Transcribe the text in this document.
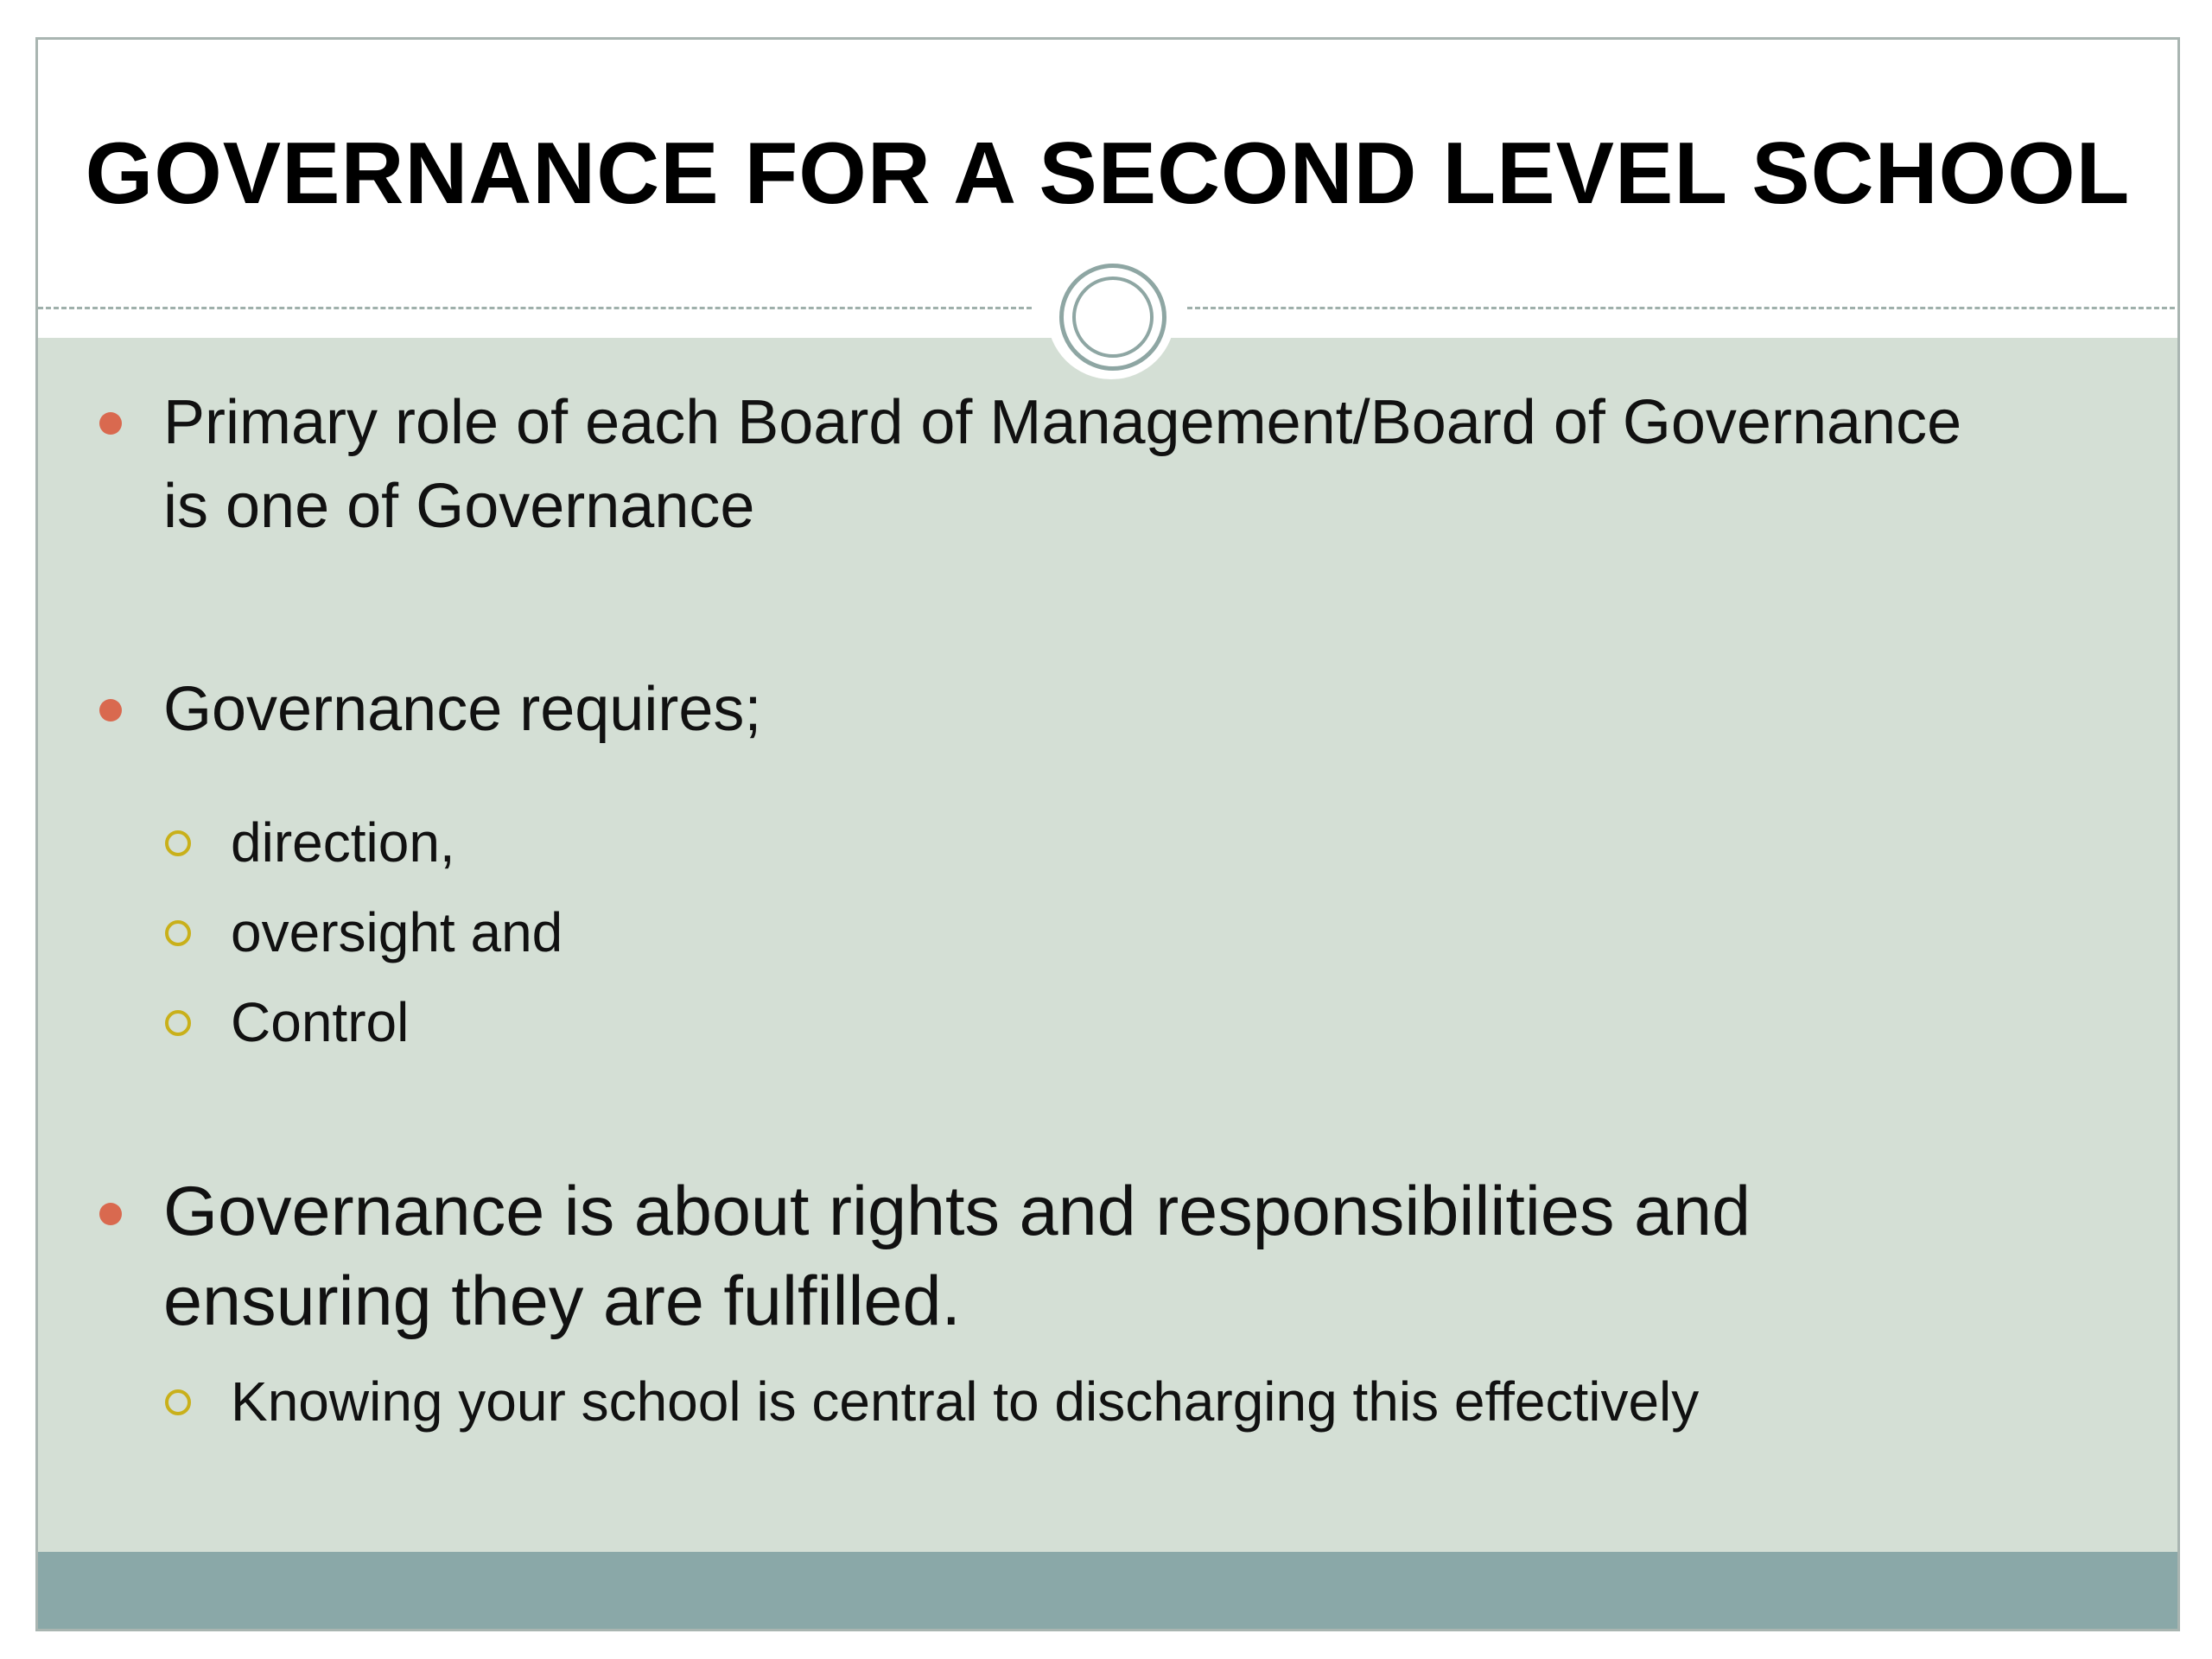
GOVERNANCE FOR A SECOND LEVEL SCHOOL
Primary role of each Board of Management/Board of Governance is one of Governance
Governance requires;
direction,
oversight and
Control
Governance is about rights and responsibilities and ensuring they are fulfilled.
Knowing your school is central to discharging this effectively
